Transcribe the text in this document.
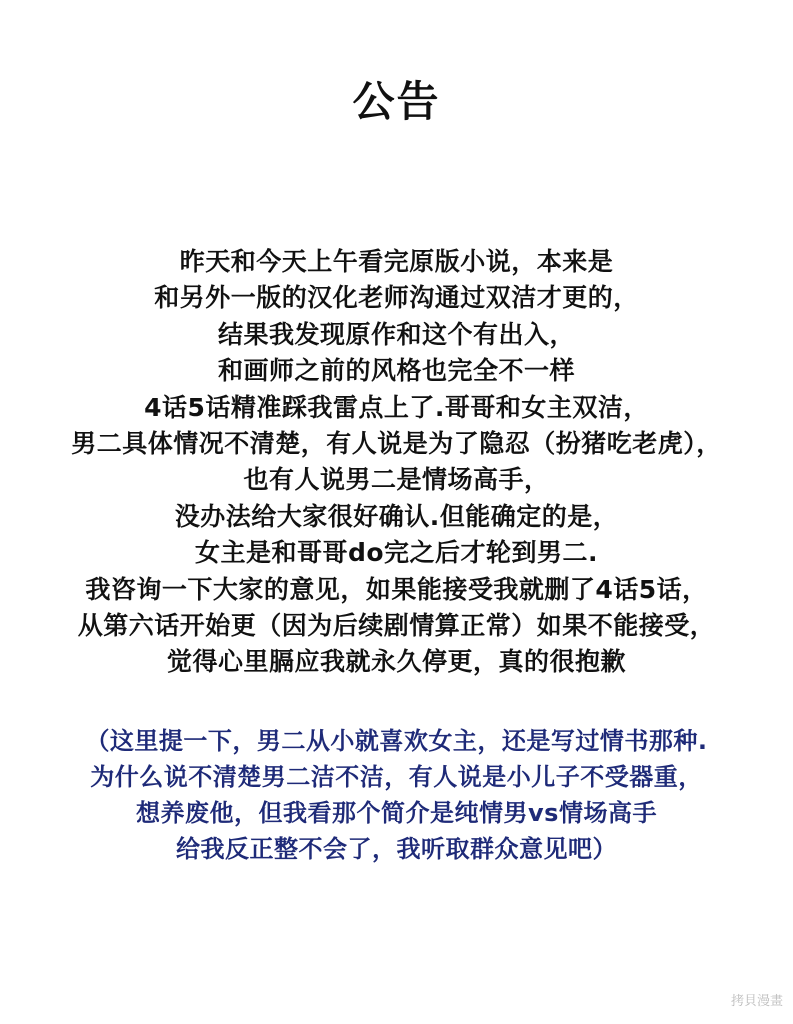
公告
昨天和今天上午看完原版小说，本来是
和另外一版的汉化老师沟通过双洁才更的，
结果我发现原作和这个有出入，
和画师之前的风格也完全不一样
4话5话精准踩我雷点上了.哥哥和女主双洁，
男二具体情况不清楚，有人说是为了隐忍（扮猪吃老虎），
也有人说男二是情场高手，
没办法给大家很好确认.但能确定的是，
女主是和哥哥do完之后才轮到男二.
我咨询一下大家的意见，如果能接受我就删了4话5话，
从第六话开始更（因为后续剧情算正常）如果不能接受，
觉得心里膈应我就永久停更，真的很抱歉
（这里提一下，男二从小就喜欢女主，还是写过情书那种.
为什么说不清楚男二洁不洁，有人说是小儿子不受器重，
想养废他，但我看那个简介是纯情男vs情场高手
给我反正整不会了，我听取群众意见吧）
拷貝漫畫
